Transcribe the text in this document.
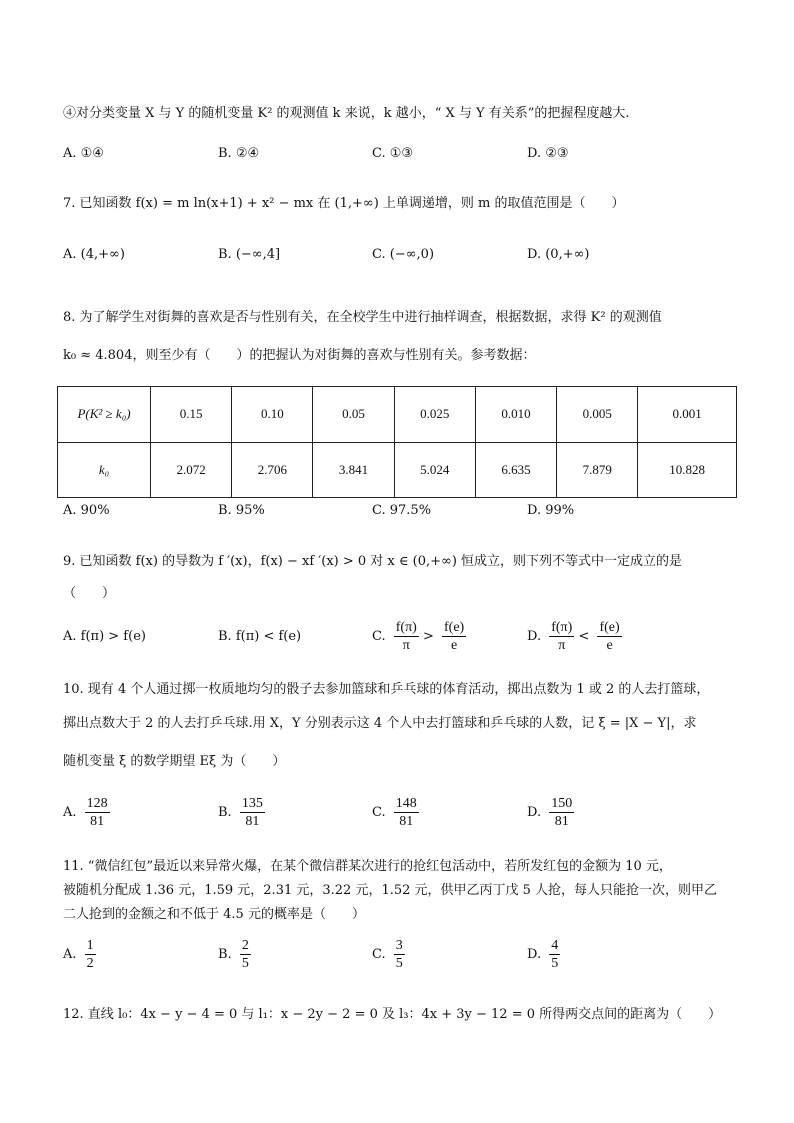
④对分类变量 X 与 Y 的随机变量 K² 的观测值 k 来说，k 越小，“ X 与 Y 有关系”的把握程度越大.
A. ①④	B. ②④	C. ①③	D. ②③
7. 已知函数 f(x) = m ln(x+1) + x² − mx 在 (1,+∞) 上单调递增，则 m 的取值范围是（　　）
A. (4,+∞)	B. (−∞,4]	C. (−∞,0)	D. (0,+∞)
8. 为了解学生对街舞的喜欢是否与性别有关，在全校学生中进行抽样调查，根据数据，求得 K² 的观测值
k₀ ≈ 4.804，则至少有（　　）的把握认为对街舞的喜欢与性别有关。参考数据：
P(K² ≥ k₀)	0.15	0.10	0.05	0.025	0.010	0.005	0.001
k₀	2.072	2.706	3.841	5.024	6.635	7.879	10.828
A. 90%	B. 95%	C. 97.5%	D. 99%
9. 已知函数 f(x) 的导数为 f ′(x)，f(x) − xf ′(x) > 0 对 x ∈ (0,+∞) 恒成立，则下列不等式中一定成立的是
（　　）
A. f(π) > f(e)	B. f(π) < f(e)	C. $\frac{f(\pi)}{\pi} > \frac{f(e)}{e}$	D. $\frac{f(\pi)}{\pi} < \frac{f(e)}{e}$
10. 现有 4 个人通过掷一枚质地均匀的骰子去参加篮球和乒乓球的体育活动，掷出点数为 1 或 2 的人去打篮球，
掷出点数大于 2 的人去打乒乓球.用 X，Y 分别表示这 4 个人中去打篮球和乒乓球的人数，记 ξ = |X − Y|，求
随机变量 ξ 的数学期望 Eξ 为（　　）
A. $\frac{128}{81}$	B. $\frac{135}{81}$	C. $\frac{148}{81}$	D. $\frac{150}{81}$
11. “微信红包”最近以来异常火爆，在某个微信群某次进行的抢红包活动中，若所发红包的金额为 10 元，
被随机分配成 1.36 元，1.59 元，2.31 元，3.22 元，1.52 元，供甲乙丙丁戊 5 人抢，每人只能抢一次，则甲乙
二人抢到的金额之和不低于 4.5 元的概率是（　　）
A. $\frac{1}{2}$	B. $\frac{2}{5}$	C. $\frac{3}{5}$	D. $\frac{4}{5}$
12. 直线 l₀：4x − y − 4 = 0 与 l₁：x − 2y − 2 = 0 及 l₃：4x + 3y − 12 = 0 所得两交点间的距离为（　　）
